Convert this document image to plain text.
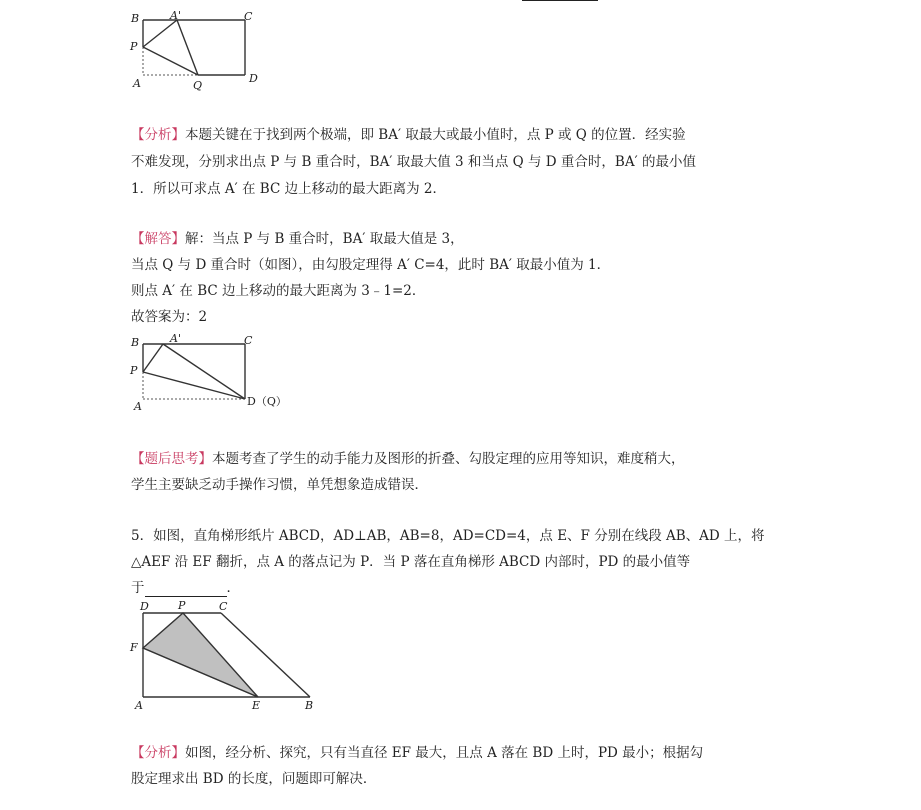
B	A'	C
P
D
A	Q
【分析】本题关键在于找到两个极端，即 BA′ 取最大或最小值时，点 P 或 Q 的位置．经实验
不难发现，分别求出点 P 与 B 重合时，BA′ 取最大值 3 和当点 Q 与 D 重合时，BA′ 的最小值
1．所以可求点 A′ 在 BC 边上移动的最大距离为 2．
【解答】解：当点 P 与 B 重合时，BA′ 取最大值是 3，
当点 Q 与 D 重合时（如图），由勾股定理得 A′ C=4，此时 BA′ 取最小值为 1．
则点 A′ 在 BC 边上移动的最大距离为 3﹣1=2．
故答案为：2
B	A'	C
P
A	D（Q）
【题后思考】本题考查了学生的动手能力及图形的折叠、勾股定理的应用等知识，难度稍大，
学生主要缺乏动手操作习惯，单凭想象造成错误．
5．如图，直角梯形纸片 ABCD，AD⊥AB，AB=8，AD=CD=4，点 E、F 分别在线段 AB、AD 上，将
△AEF 沿 EF 翻折，点 A 的落点记为 P．当 P 落在直角梯形 ABCD 内部时，PD 的最小值等
于	．
D	P	C
F
A	E	B
【分析】如图，经分析、探究，只有当直径 EF 最大，且点 A 落在 BD 上时，PD 最小；根据勾
股定理求出 BD 的长度，问题即可解决．
